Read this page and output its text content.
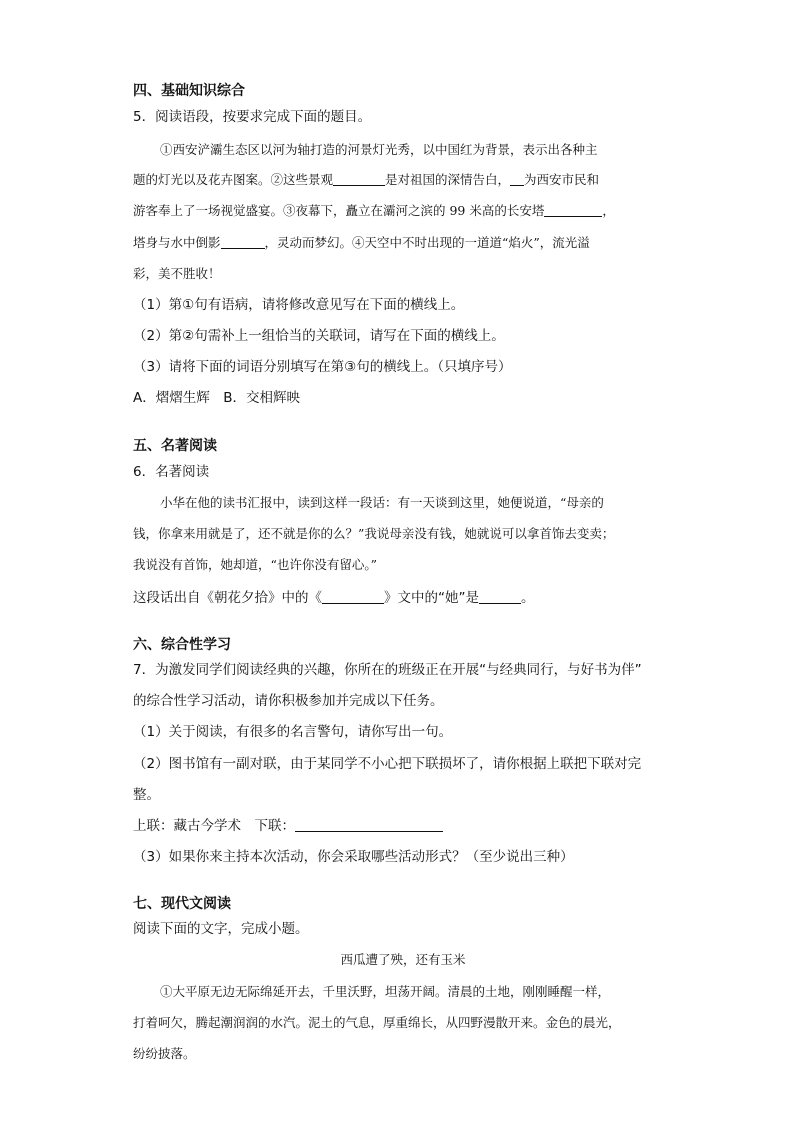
四、基础知识综合
5．阅读语段，按要求完成下面的题目。
①西安浐灞生态区以河为轴打造的河景灯光秀，以中国红为背景，表示出各种主
题的灯光以及花卉图案。②这些景观	是对祖国的深情告白， 为西安市民和
游客奉上了一场视觉盛宴。③夜幕下，矗立在灞河之滨的 99 米高的长安塔	，
塔身与水中倒影	，灵动而梦幻。④天空中不时出现的一道道“焰火”，流光溢
彩，美不胜收！
（1）第①句有语病，请将修改意见写在下面的横线上。
（2）第②句需补上一组恰当的关联词，请写在下面的横线上。
（3）请将下面的词语分别填写在第③句的横线上。（只填序号）
A．熠熠生辉　B．交相辉映
五、名著阅读
6．名著阅读
小华在他的读书汇报中，读到这样一段话：有一天谈到这里，她便说道，“母亲的
钱，你拿来用就是了，还不就是你的么？”我说母亲没有钱，她就说可以拿首饰去变卖；
我说没有首饰，她却道，“也许你没有留心。”
这段话出自《朝花夕拾》中的《	》文中的“她”是	。
六、综合性学习
7．为激发同学们阅读经典的兴趣，你所在的班级正在开展“与经典同行，与好书为伴”
的综合性学习活动，请你积极参加并完成以下任务。
（1）关于阅读，有很多的名言警句，请你写出一句。
（2）图书馆有一副对联，由于某同学不小心把下联损坏了，请你根据上联把下联对完
整。
上联：藏古今学术　下联：
（3）如果你来主持本次活动，你会采取哪些活动形式？（至少说出三种）
七、现代文阅读
阅读下面的文字，完成小题。
西瓜遭了殃，还有玉米
①大平原无边无际绵延开去，千里沃野，坦荡开阔。清晨的土地，刚刚睡醒一样，
打着呵欠，腾起潮润润的水汽。泥土的气息，厚重绵长，从四野漫散开来。金色的晨光，
纷纷披落。
